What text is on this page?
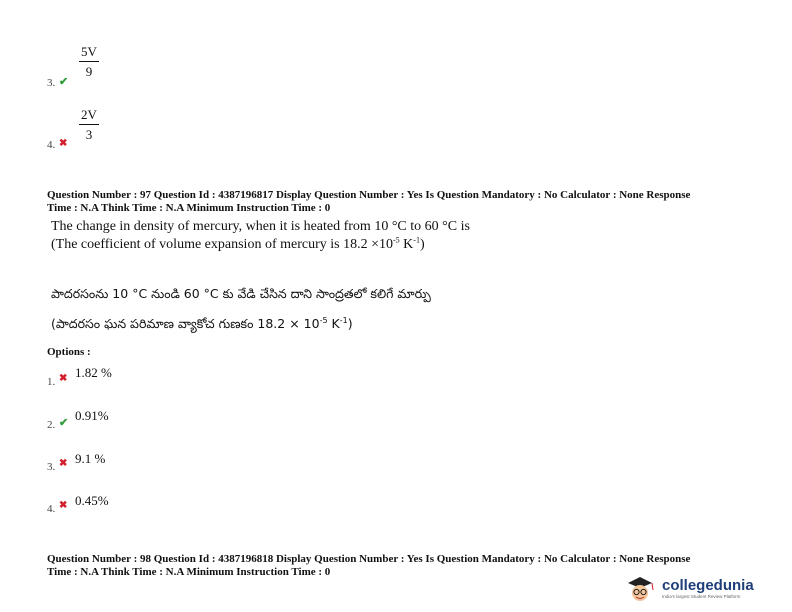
3. ✔
5V
9
4. ✖
2V
3
Question Number : 97 Question Id : 4387196817 Display Question Number : Yes Is Question Mandatory : No Calculator : None Response
Time : N.A Think Time : N.A Minimum Instruction Time : 0
The change in density of mercury, when it is heated from 10 °C to 60 °C is
(The coefficient of volume expansion of mercury is $18.2 \times 10^{-5}$ $K^{-1}$)
పాదరసంను 10 °C నుండి 60 °C కు వేడి చేసిన దాని సాంద్రతలో కలిగే మార్పు
(పాదరసం ఘన పరిమాణ వ్యాకోచ గుణకం $18.2 \times 10^{-5}$ $K^{-1}$)
Options :
1. ✖ 1.82 %
2. ✔ 0.91%
3. ✖ 9.1 %
4. ✖ 0.45%
Question Number : 98 Question Id : 4387196818 Display Question Number : Yes Is Question Mandatory : No Calculator : None Response
Time : N.A Think Time : N.A Minimum Instruction Time : 0
collegedunia
India's largest Student Review Platform
